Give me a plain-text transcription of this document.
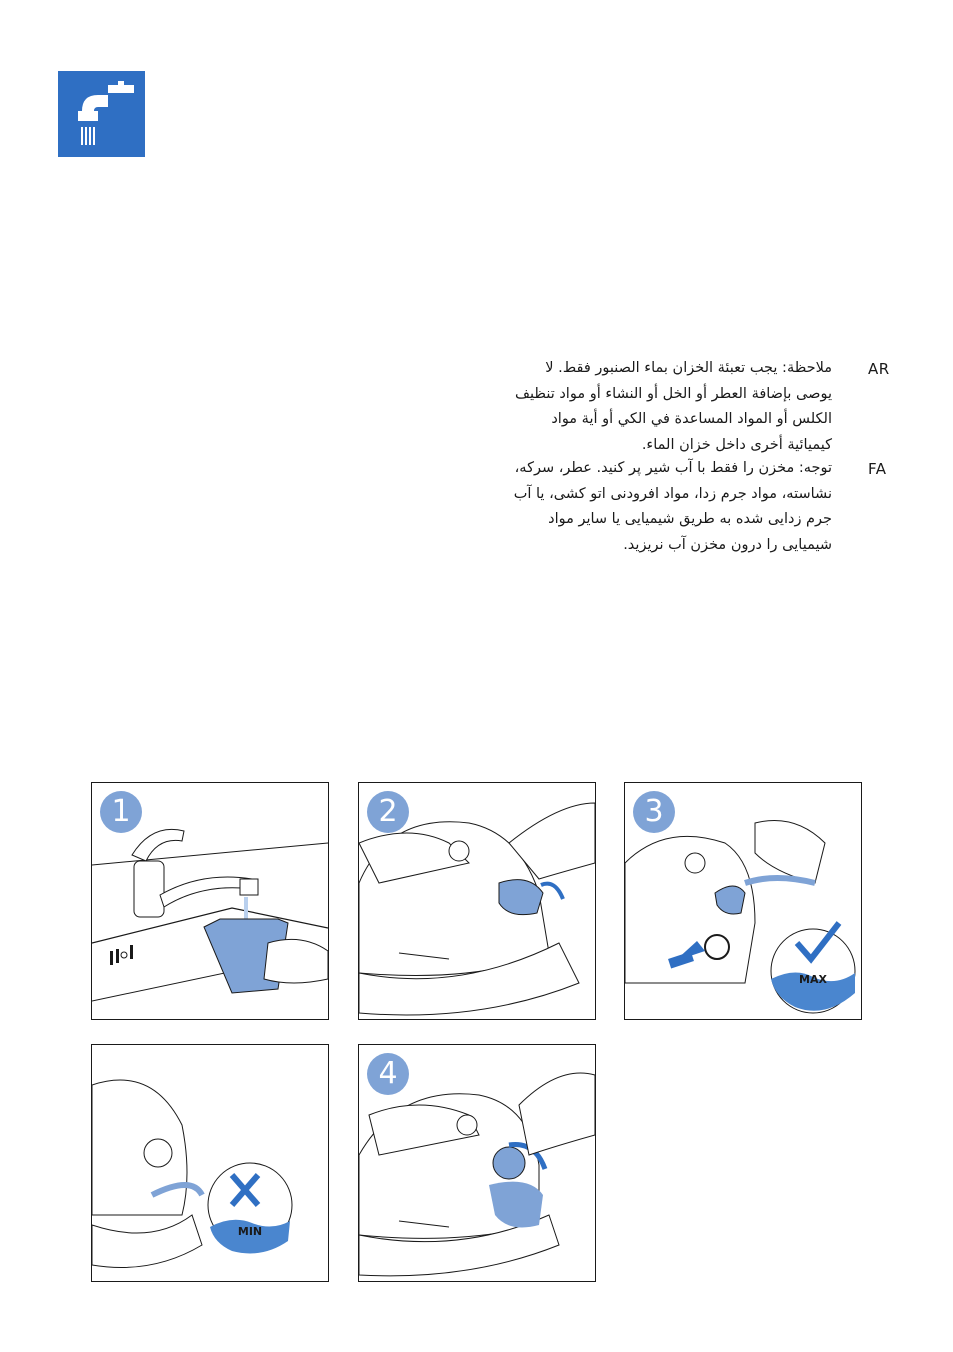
AR
FA
ملاحظة: يجب تعبئة الخزان بماء الصنبور فقط. لا
يوصى بإضافة العطر أو الخل أو النشاء أو مواد تنظيف
الكلس أو المواد المساعدة في الكي أو أية مواد
كيميائية أخرى داخل خزان الماء.
توجه: مخزن را فقط با آب شیر پر کنید. عطر، سرکه،
نشاسته، مواد جرم زدا، مواد افرودنی اتو کشی، یا آب
جرم زدایی شده به طریق شیمیایی یا سایر مواد
شیمیایی را درون مخزن آب نریزید.
1	2	3
MAX
MIN
4
